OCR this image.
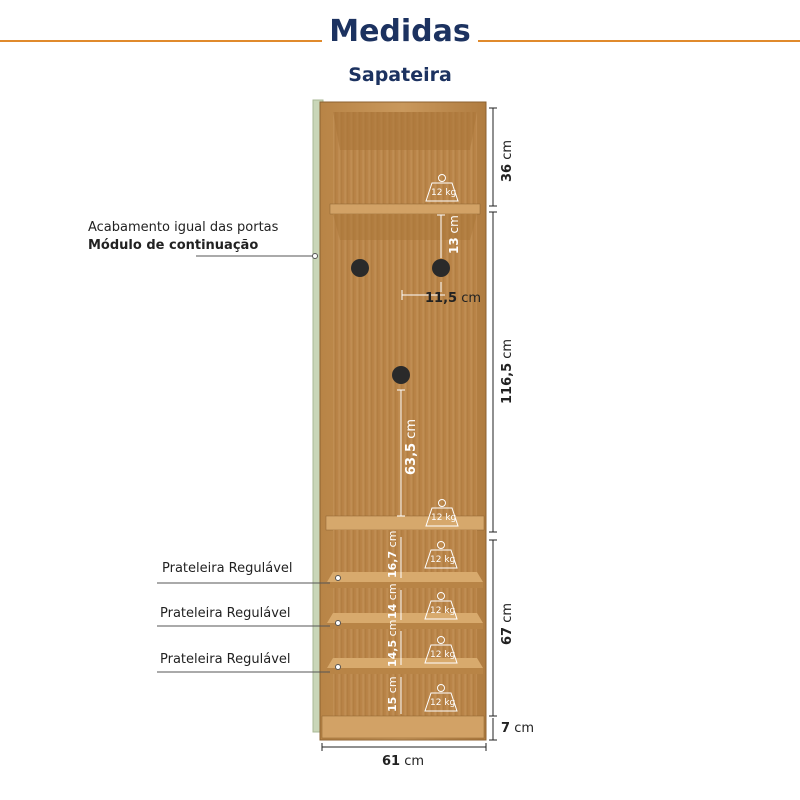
Medidas
Sapateira
12 kg
12 kg
12 kg
12 kg
12 kg
12 kg
Acabamento igual das portas
Módulo de continuação
Prateleira Regulável
Prateleira Regulável
Prateleira Regulável
36 cm
116,5 cm
67 cm
7 cm
61 cm
13 cm
11,5 cm
63,5 cm
16,7 cm
14 cm
14,5 cm
15 cm
